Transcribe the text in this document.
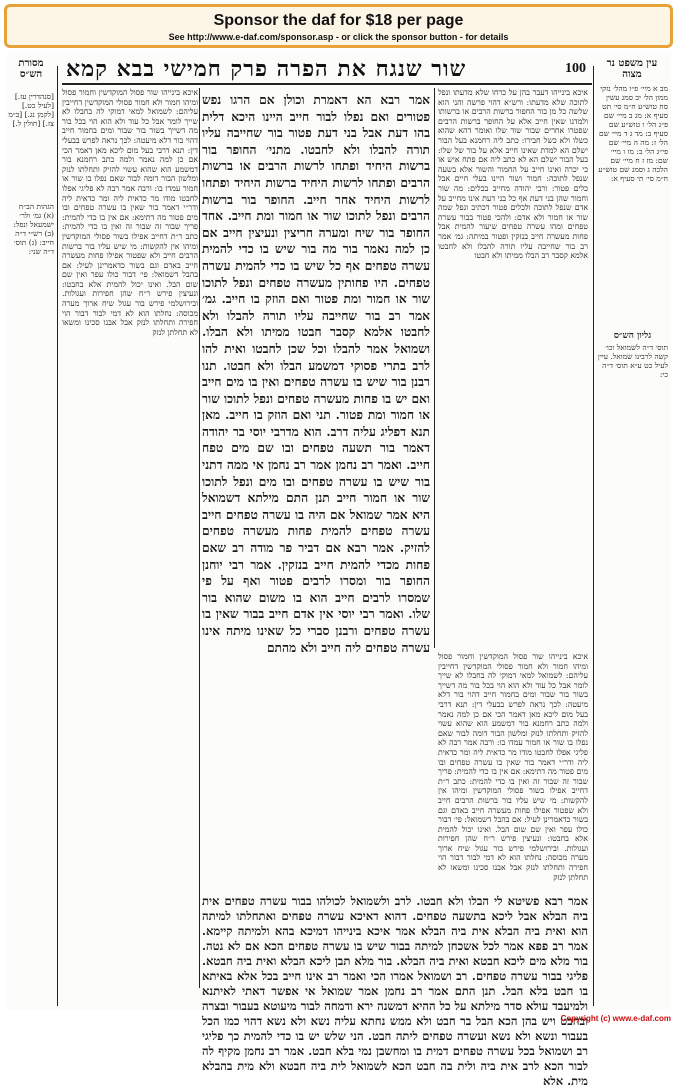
Sponsor the daf for $18 per page
See http://www.e-daf.com/sponsor.asp - or click the sponsor button - for details
מסורת הש״ס
[סנהדרין עז.] [לעיל כט.] [לקמן נג.] [ב״מ צז.] [חולין ל.]
הגהות הב״ח (א) גמ׳ ולר׳ ישמעאל ונפל: (ב) רש״י ד״ה חייב: (ג) תוס׳ ד״ה שני:
עין משפט נר מצוה
מב א מיי׳ פ״ו מהל׳ נזקי ממון הל׳ יב סמג עשין סח טוש״ע ח״מ סי׳ תט סעיף א: מג ב מיי׳ שם פ״ג הל׳ ו טוש״ע שם סעיף ב: מד ג ד מיי׳ שם הל׳ ז: מה ה מיי׳ שם פי״ג הל׳ ב: מו ו מיי׳ שם: מז ז ח מיי׳ שם הלכה ג וסמג שם טוש״ע ח״מ סי׳ תי סעיף א:
גליון הש״ס
תוס׳ ד״ה לשמואל וכו׳ קשה לרבינו שמואל. עיין לעיל כט ע״א תוס׳ ד״ה כי:
שור שנגח את הפרה פרק חמישי בבא קמא	100

איכא בינייהו דעבר בהן על כרחו שלא מדעתו ונפל לתוכה שלא מדעתו: ורש״א דהוי פרשה והני הוא שלשה כל מן בור החפור ברשות הרבים או ברשותו ולמדנו שאין חייב אלא על החופר ברשות הרבים שפטרו אחרים שבור שור שלו ואומר דהא שהוא כשלו ולא כשל חבירו: כתב ליה רחמנא בעל הבור ישלם הא למדת שאינו חייב אלא על בור של שלו: בעל הבור ישלם הא לא כתב ליה אם פתח איש או כי יכרה ואינו חייב על החמור והשור אלא בשעה שנפל לתוכה: חמור ושור היינו בעלי חיים אבל כלים פטור: ורבי יהודה מחייב בכלים: מה שור וחמור שהן בני דעת אף כל בני דעת אינו מחייב על אדם שנפל לתוכה ולכלים פטור דכתיב ונפל שמה שור או חמור ולא אדם: ולהכי פטור בבור עשרה טפחים ומהו עשרה טפחים שיעור להמית אבל פחות מעשרה חייב בנזקין ופטור במיתה: גמ׳ אמר רב בור שחייבה עליו תורה להבלו ולא לחבטו אלמא קסבר רב הבלו ממיתו ולא חבטו

אמר רבא הא דאמרת וכולן אם הרגו נפש פטורים ואם נפלו לבור חייב היינו היכא דלית בהו דעת אבל בני דעת פטור בור שחייבה עליו תורה להבלו ולא לחבטו. מתני׳ החופר בור ברשות היחיד ופתחו לרשות הרבים או ברשות הרבים ופתחו לרשות היחיד ברשות היחיד ופתחו לרשות היחיד אחר חייב. החופר בור ברשות הרבים ונפל לתוכו שור או חמור ומת חייב. אחד החופר בור שיח ומערה חריצין ונעיצין חייב אם כן למה נאמר בור מה בור שיש בו כדי להמית עשרה טפחים אף כל שיש בו כדי להמית עשרה טפחים. היו פחותין מעשרה טפחים ונפל לתוכו שור או חמור ומת פטור ואם הוזק בו חייב. גמ׳ אמר רב בור שחייבה עליו תורה להבלו ולא לחבטו אלמא קסבר חבטו ממיתו ולא הבלו. ושמואל אמר להבלו וכל שכן לחבטו ואית להו לרב בתרי פסוקי דמשמע הבלו ולא חבטו. תנו רבנן בור שיש בו עשרה טפחים ואין בו מים חייב ואם יש בו פחות מעשרה טפחים ונפל לתוכו שור או חמור ומת פטור. תני ואם הוזק בו חייב. מאן תנא דפליג עליה דרב. הוא מדרבי יוסי בר יהודה דאמר בור תשעה טפחים ובו שם מים טפח חייב. ואמר רב נחמן אמר רב נחמן אי ממה דתני בור שיש בו עשרה טפחים ובו מים ונפל לתוכו שור או חמור חייב תנן התם מילתא דשמואל היא אמר שמואל אם היה בו עשרה טפחים חייב עשרה טפחים להמית פחות מעשרה טפחים להזיק. אמר רבא אם דביר פר מודה רב שאם פחות מכדי להמית חייב בנזקין. אמר רבי יוחנן החופר בור ומסרו לרבים פטור ואף על פי שמסרו לרבים חייב הוא בו משום שהוא בור שלו. ואמר רבי יוסי אין אדם חייב בבור שאין בו עשרה טפחים ורבנן סברי כל שאינו מיתה אינו עשרה טפחים ליה חייב ולא מהתם

איכא בינייהו שור פסול המוקדשין וחמור פסול ומיהו חמור ולא חמור פסולי המוקדשין דחייבין עליהם: לשמואל למאי דמוקי לה בחבלו לא שייך לומר אבל כל עוד ולא הוא הוי בכל בור מה דשייך בשור בור שבור ומים בחמור חייב דהוי בור דלא מיעטה: לכך נראה לפרש בבעלי דין: תנא דרבי בעל מום ליכא מאן דאמר הכי אם כן למה נאמר ולמה כתב רחמנא בור דמשמע הוא שהוא עשוי להזיק ותחלתו לנזק ומלשון הבור דומה לבור שאם נפלו בו שור או חמור עמדו בו: ורבה אמר רבה לא פליגי אפלו לחבטו מודו מר כדאית ליה ומר כדאית ליה ודר״י דאמר בור שאין בו עשרה טפחים ובו מים פטור מה דתימא: אם אין בו כדי להמית: פריך שבור זה שבור זה ואין בו כדי להמית: כתב ר״ת דחייב אפילו בשור פסולי המוקדשין ומיהו אין להקשות: מי שיש עליו בור ברשות הרבים חייב ולא שפטור אפילו פחות מעשרה חייב באדם וגם בשור כדאמרינן לעיל: אם בהבל דשמואל: פי׳ דבור כולו עפר ואין שם שום הבל. ואינו יכול להמית אלא בחבטו: ונעיצין פירש ר״ח שהן חפירות ועגולות. ובירושלמי פירש בור עגול שיח ארוך מערה מכוסה: נחלתו הוא לא דמי לבור דבור הוי חפירה ותחלתו לנזק אבל אבנו סכינו ומשאו לא תחלתן לנזק

איכא בינייהו שור פסול המוקדשין וחמור פסול ומיהו חמור ולא חמור פסולי המוקדשין דחייבין עליהם: לשמואל למאי דמוקי לה בחבלו לא שייך לומר אבל כל עוד ולא הוא הוי בכל בור מה דשייך בשור בור שבור ומים בחמור חייב דהוי בור דלא מיעטה: לכך נראה לפרש בבעלי דין: תנא דרבי בעל מום ליכא מאן דאמר הכי אם כן למה נאמר ולמה כתב רחמנא בור דמשמע הוא שהוא עשוי להזיק ותחלתו לנזק ומלשון הבור דומה לבור שאם נפלו בו שור או חמור עמדו בו: ורבה אמר רבה לא פליגי אפלו לחבטו מודו מר כדאית ליה ומר כדאית ליה ודר״י דאמר בור שאין בו עשרה טפחים ובו מים פטור מה דתימא: אם אין בו כדי להמית: פריך שבור זה שבור זה ואין בו כדי להמית: כתב ר״ת דחייב אפילו בשור פסולי המוקדשין ומיהו אין להקשות: מי שיש עליו בור ברשות הרבים חייב ולא שפטור אפילו פחות מעשרה חייב באדם וגם בשור כדאמרינן לעיל: אם בהבל דשמואל: פי׳ דבור כולו עפר ואין שם שום הבל. ואינו יכול להמית אלא בחבטו: ונעיצין פירש ר״ח שהן חפירות ועגולות. ובירושלמי פירש בור עגול שיח ארוך מערה מכוסה: נחלתו הוא לא דמי לבור דבור הוי חפירה ותחלתו לנזק אבל אבנו סכינו ומשאו לא תחלתן לנזק

אמר רבא פשיטא לי הבלו ולא חבטו. לרב ולשמואל לכולהו בבור עשרה טפחים אית ביה הבלא אבל ליכא בתשעה טפחים. דהוא דאיכא עשרה טפחים ואתחלתו למיתה הוא ואית ביה הבלא אית ביה הבלא אמר איכא בינייהו דמיכא בהא ולמיתה קיימא. אמר רב פפא אמר לכל אשכחן למיתה בבור שיש בו עשרה טפחים הכא אם לא נטה. בור מלא מים ליכא חבטא ואית ביה הבלא. בור מלא תבן ליכא הבלא ואית ביה חבטא. פליגי בבור עשרה טפחים. רב ושמואל אמרו הכי ואמר רב אינו חייב בכל אלא באיתא בו חבט בלא הבל. תנן התם אמר רב נחמן אמר שמואל אי אפשר דאתי לאיתנא ולמיעבד עולא סדר מילתא על כל ההיא דמשנה ירא ודמחה לבור מיעוטא בעבור ובצרה ובחבט ויש בהן הכא הבל בר חבט ולא ממש נחתא עליה נשא ולא נשא דהוי כמו הכל בעבור ונשא ולא נשא ועשרה טפחים ליתה חבט. הני שלש יש בו כדי להמית כך פליגי רב ושמואל בכל עשרה טפחים דמית בו ומחשבן נמי בלא חבט. אמר רב נחמן מקיף לה לבור הכא לרב אית ביה ולית בה חבט הכא לשמואל לית ביה חבטא ולא מית בהבלא מית. אלא

Copyright (c) www.e-daf.com
